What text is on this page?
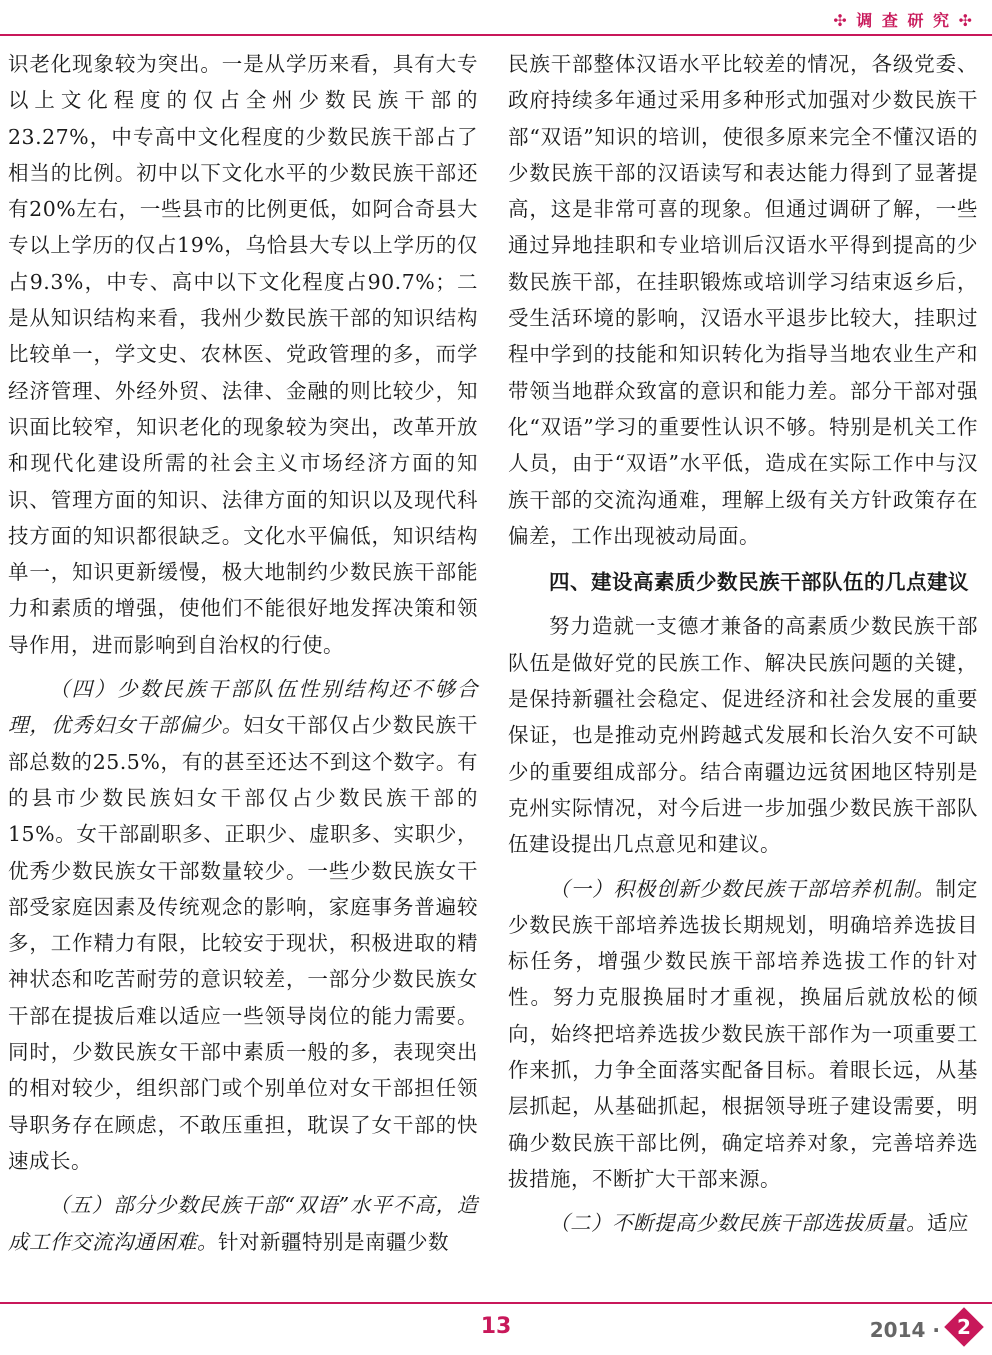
✣ 调 查 研 究 ✣

识老化现象较为突出。一是从学历来看，具有大专以上文化程度的仅占全州少数民族干部的23.27%，中专高中文化程度的少数民族干部占了相当的比例。初中以下文化水平的少数民族干部还有20%左右，一些县市的比例更低，如阿合奇县大专以上学历的仅占19%，乌恰县大专以上学历的仅占9.3%，中专、高中以下文化程度占90.7%；二是从知识结构来看，我州少数民族干部的知识结构比较单一，学文史、农林医、党政管理的多，而学经济管理、外经外贸、法律、金融的则比较少，知识面比较窄，知识老化的现象较为突出，改革开放和现代化建设所需的社会主义市场经济方面的知识、管理方面的知识、法律方面的知识以及现代科技方面的知识都很缺乏。文化水平偏低，知识结构单一，知识更新缓慢，极大地制约少数民族干部能力和素质的增强，使他们不能很好地发挥决策和领导作用，进而影响到自治权的行使。

（四）少数民族干部队伍性别结构还不够合理，优秀妇女干部偏少。妇女干部仅占少数民族干部总数的25.5%，有的甚至还达不到这个数字。有的县市少数民族妇女干部仅占少数民族干部的15%。女干部副职多、正职少、虚职多、实职少，优秀少数民族女干部数量较少。一些少数民族女干部受家庭因素及传统观念的影响，家庭事务普遍较多，工作精力有限，比较安于现状，积极进取的精神状态和吃苦耐劳的意识较差，一部分少数民族女干部在提拔后难以适应一些领导岗位的能力需要。同时，少数民族女干部中素质一般的多，表现突出的相对较少，组织部门或个别单位对女干部担任领导职务存在顾虑，不敢压重担，耽误了女干部的快速成长。

（五）部分少数民族干部“双语”水平不高，造成工作交流沟通困难。针对新疆特别是南疆少数

民族干部整体汉语水平比较差的情况，各级党委、政府持续多年通过采用多种形式加强对少数民族干部“双语”知识的培训，使很多原来完全不懂汉语的少数民族干部的汉语读写和表达能力得到了显著提高，这是非常可喜的现象。但通过调研了解，一些通过异地挂职和专业培训后汉语水平得到提高的少数民族干部，在挂职锻炼或培训学习结束返乡后，受生活环境的影响，汉语水平退步比较大，挂职过程中学到的技能和知识转化为指导当地农业生产和带领当地群众致富的意识和能力差。部分干部对强化“双语”学习的重要性认识不够。特别是机关工作人员，由于“双语”水平低，造成在实际工作中与汉族干部的交流沟通难，理解上级有关方针政策存在偏差，工作出现被动局面。

四、建设高素质少数民族干部队伍的几点建议

努力造就一支德才兼备的高素质少数民族干部队伍是做好党的民族工作、解决民族问题的关键，是保持新疆社会稳定、促进经济和社会发展的重要保证，也是推动克州跨越式发展和长治久安不可缺少的重要组成部分。结合南疆边远贫困地区特别是克州实际情况，对今后进一步加强少数民族干部队伍建设提出几点意见和建议。

（一）积极创新少数民族干部培养机制。制定少数民族干部培养选拔长期规划，明确培养选拔目标任务，增强少数民族干部培养选拔工作的针对性。努力克服换届时才重视，换届后就放松的倾向，始终把培养选拔少数民族干部作为一项重要工作来抓，力争全面落实配备目标。着眼长远，从基层抓起，从基础抓起，根据领导班子建设需要，明确少数民族干部比例，确定培养对象，完善培养选拔措施，不断扩大干部来源。

（二）不断提高少数民族干部选拔质量。适应

13	2014 · 2
